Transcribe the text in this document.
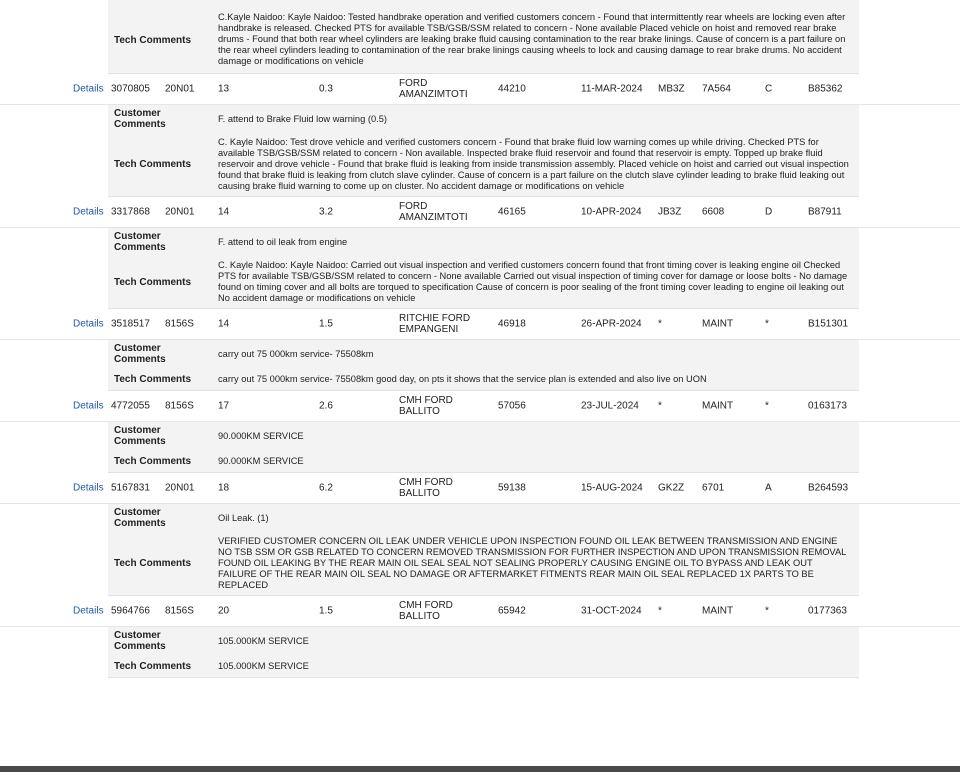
Tech Comments
C.Kayle Naidoo: Kayle Naidoo: Tested handbrake operation and verified customers concern - Found that intermittently rear wheels are locking even after handbrake is released. Checked PTS for available TSB/GSB/SSM related to concern - None available Placed vehicle on hoist and removed rear brake drums - Found that both rear wheel cylinders are leaking brake fluid causing contamination to the rear brake linings. Cause of concern is a part failure on the rear wheel cylinders leading to contamination of the rear brake linings causing wheels to lock and causing damage to rear brake drums. No accident damage or modifications on vehicle
Details 3070805 20N01 13	0.3	FORD AMANZIMTOTI	44210	11-MAR-2024 MB3Z 7A564	C	B85362
Customer Comments
F. attend to Brake Fluid low warning (0.5)
Tech Comments
C. Kayle Naidoo: Test drove vehicle and verified customers concern - Found that brake fluid low warning comes up while driving. Checked PTS for available TSB/GSB/SSM related to concern - Non available. Inspected brake fluid reservoir and found that reservoir is empty. Topped up brake fluid reservoir and drove vehicle - Found that brake fluid is leaking from inside transmission assembly. Placed vehicle on hoist and carried out visual inspection found that brake fluid is leaking from clutch slave cylinder. Cause of concern is a part failure on the clutch slave cylinder leading to brake fluid leaking out causing brake fluid warning to come up on cluster. No accident damage or modifications on vehicle
Details 3317868 20N01 14	3.2	FORD AMANZIMTOTI	46165	10-APR-2024 JB3Z 6608	D	B87911
Customer Comments
F. attend to oil leak from engine
Tech Comments
C. Kayle Naidoo: Kayle Naidoo: Carried out visual inspection and verified customers concern found that front timing cover is leaking engine oil Checked PTS for available TSB/GSB/SSM related to concern - None available Carried out visual inspection of timing cover for damage or loose bolts - No damage found on timing cover and all bolts are torqued to specification Cause of concern is poor sealing of the front timing cover leading to engine oil leaking out No accident damage or modifications on vehicle
Details 3518517 8156S 14	1.5	RITCHIE FORD EMPANGENI	46918	26-APR-2024 *	MAINT	*	B151301
Customer Comments
carry out 75 000km service- 75508km
Tech Comments	carry out 75 000km service- 75508km good day, on pts it shows that the service plan is extended and also live on UON
Details 4772055 8156S 17	2.6	CMH FORD BALLITO	57056	23-JUL-2024 *	MAINT	*	0163173
Customer Comments
90.000KM SERVICE
Tech Comments	90.000KM SERVICE
Details 5167831 20N01 18	6.2	CMH FORD BALLITO	59138	15-AUG-2024 GK2Z 6701	A	B264593
Customer Comments
Oil Leak. (1)
Tech Comments
VERIFIED CUSTOMER CONCERN OIL LEAK UNDER VEHICLE UPON INSPECTION FOUND OIL LEAK BETWEEN TRANSMISSION AND ENGINE NO TSB SSM OR GSB RELATED TO CONCERN REMOVED TRANSMISSION FOR FURTHER INSPECTION AND UPON TRANSMISSION REMOVAL FOUND OIL LEAKING BY THE REAR MAIN OIL SEAL SEAL NOT SEALING PROPERLY CAUSING ENGINE OIL TO BYPASS AND LEAK OUT FAILURE OF THE REAR MAIN OIL SEAL NO DAMAGE OR AFTERMARKET FITMENTS REAR MAIN OIL SEAL REPLACED 1X PARTS TO BE REPLACED
Details 5964766 8156S 20	1.5	CMH FORD BALLITO	65942	31-OCT-2024 *	MAINT	*	0177363
Customer Comments
105.000KM SERVICE
Tech Comments	105.000KM SERVICE
